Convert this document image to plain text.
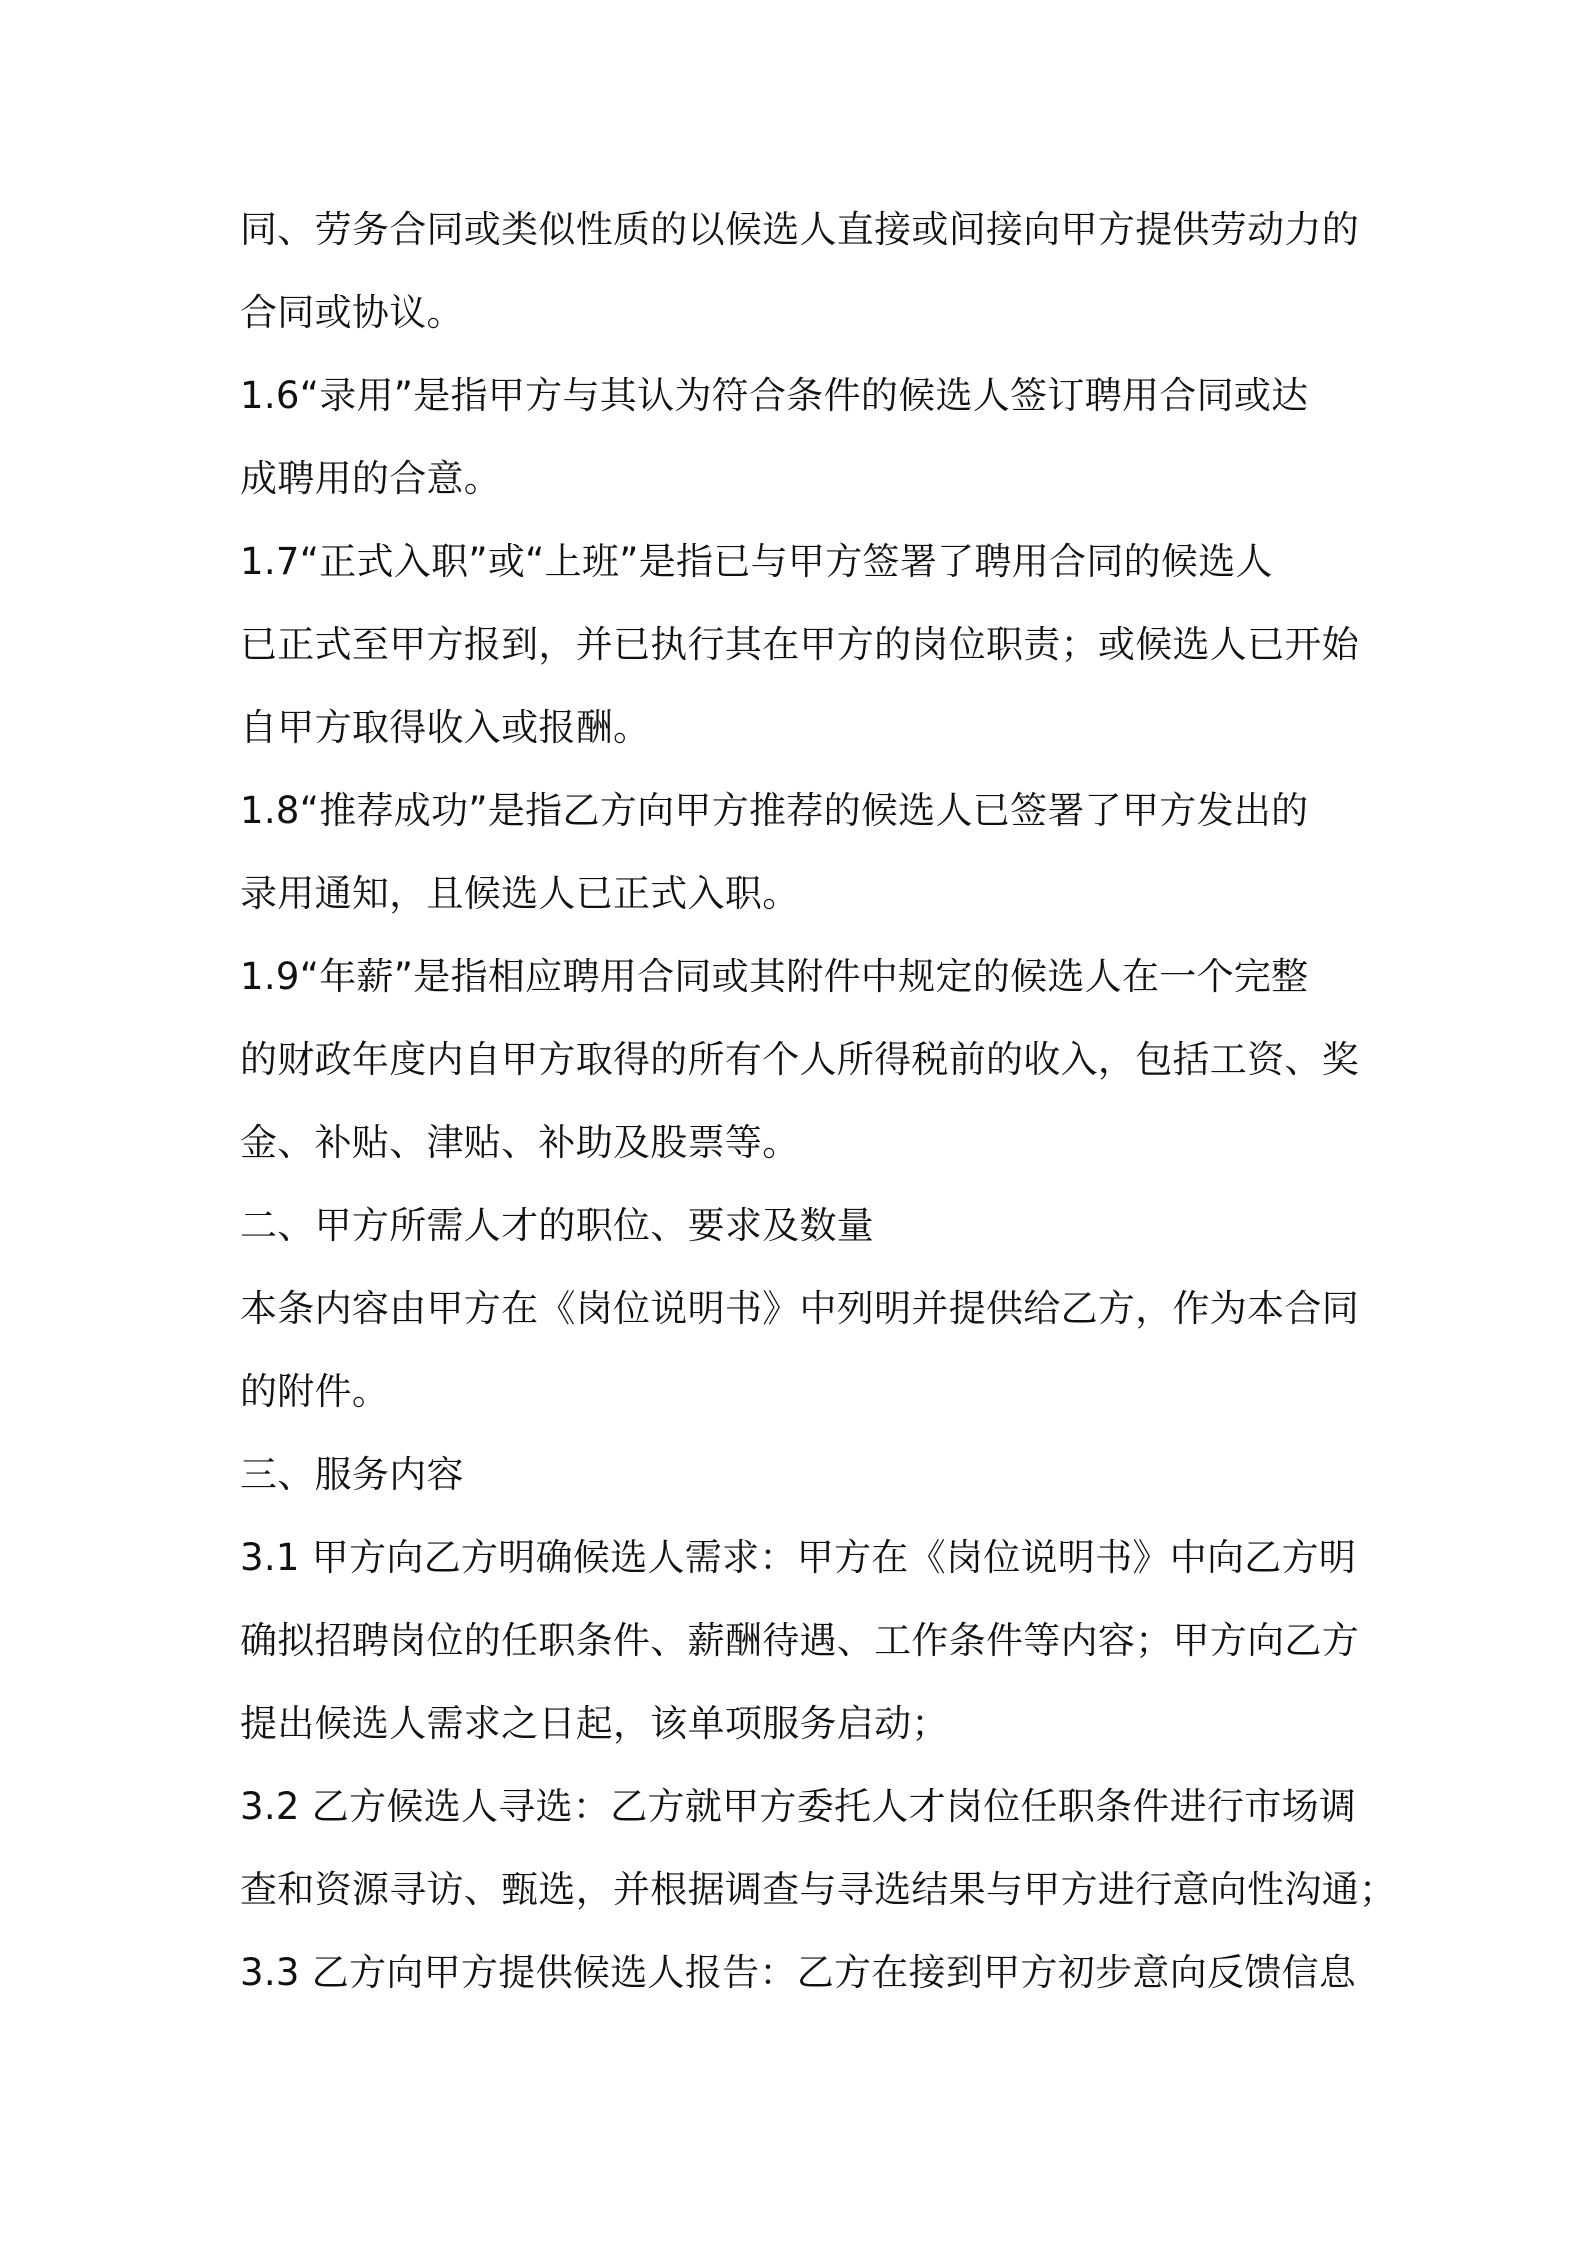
同、劳务合同或类似性质的以候选人直接或间接向甲方提供劳动力的
合同或协议。
1.6“录用”是指甲方与其认为符合条件的候选人签订聘用合同或达
成聘用的合意。
1.7“正式入职”或“上班”是指已与甲方签署了聘用合同的候选人
已正式至甲方报到，并已执行其在甲方的岗位职责；或候选人已开始
自甲方取得收入或报酬。
1.8“推荐成功”是指乙方向甲方推荐的候选人已签署了甲方发出的
录用通知，且候选人已正式入职。
1.9“年薪”是指相应聘用合同或其附件中规定的候选人在一个完整
的财政年度内自甲方取得的所有个人所得税前的收入，包括工资、奖
金、补贴、津贴、补助及股票等。
二、甲方所需人才的职位、要求及数量
本条内容由甲方在《岗位说明书》中列明并提供给乙方，作为本合同
的附件。
三、服务内容
3.1 甲方向乙方明确候选人需求：甲方在《岗位说明书》中向乙方明
确拟招聘岗位的任职条件、薪酬待遇、工作条件等内容；甲方向乙方
提出候选人需求之日起，该单项服务启动；
3.2 乙方候选人寻选：乙方就甲方委托人才岗位任职条件进行市场调
查和资源寻访、甄选，并根据调查与寻选结果与甲方进行意向性沟通；
3.3 乙方向甲方提供候选人报告：乙方在接到甲方初步意向反馈信息
